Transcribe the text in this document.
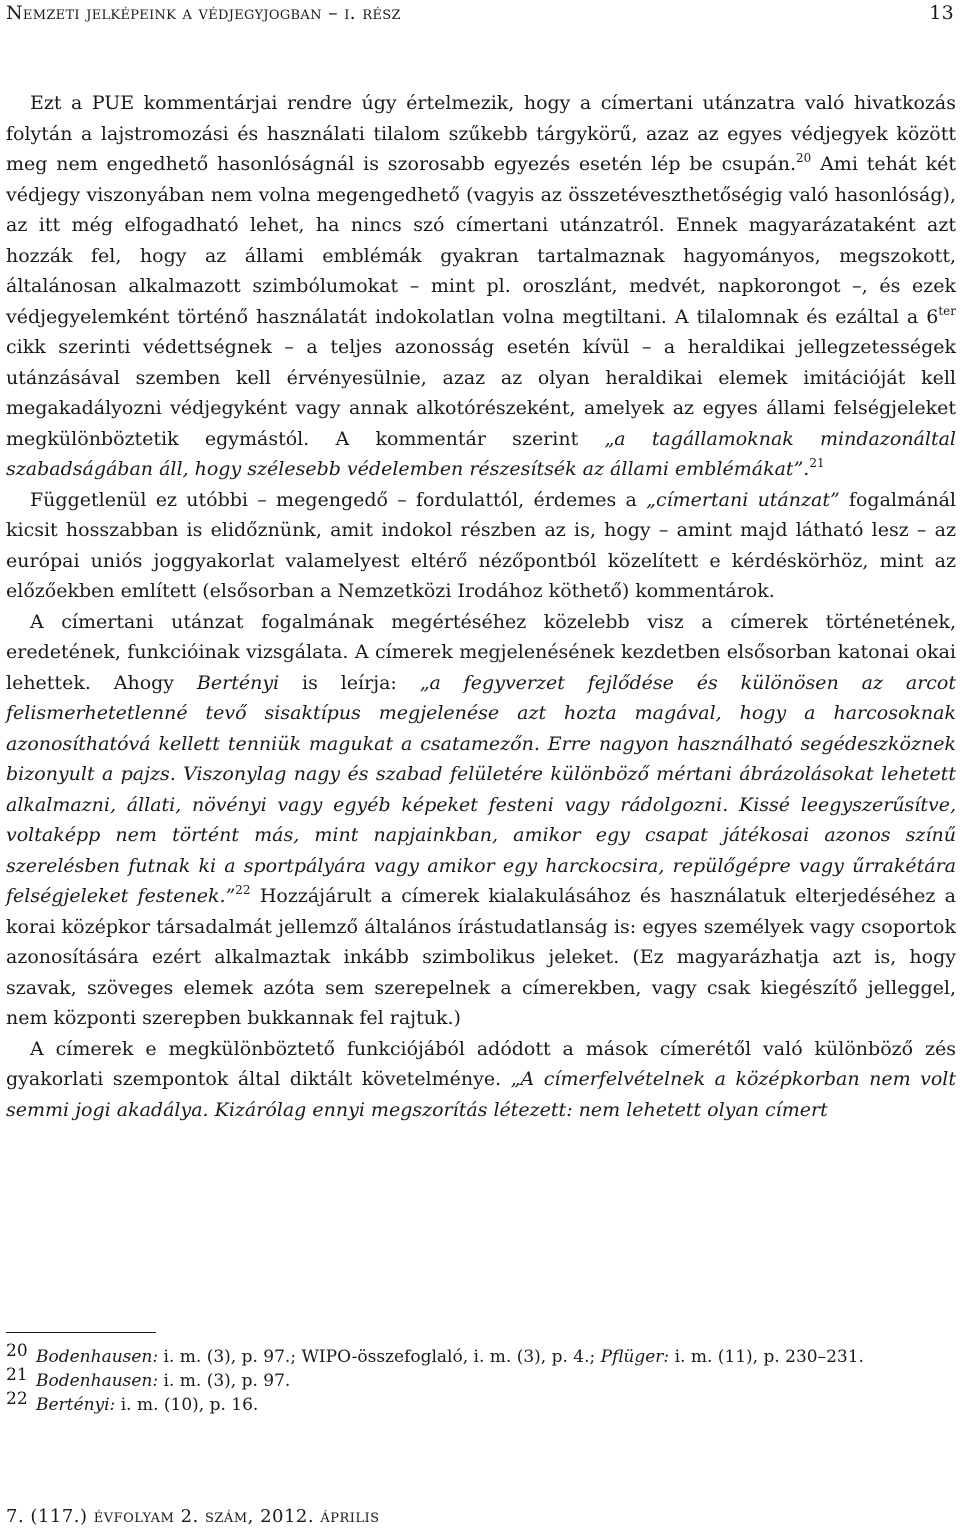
Nemzeti jelképeink a védjegyjogban – i. rész	13

Ezt a PUE kommentárjai rendre úgy értelmezik, hogy a címertani utánzatra való hivatkozás folytán a lajstromozási és használati tilalom szűkebb tárgykörű, azaz az egyes védjegyek között meg nem engedhető hasonlóságnál is szorosabb egyezés esetén lép be csupán.$^{20}$ Ami tehát két védjegy viszonyában nem volna megengedhető (vagyis az összetéveszthetőségig való hasonlóság), az itt még elfogadható lehet, ha nincs szó címertani utánzatról. Ennek magyarázataként azt hozzák fel, hogy az állami emblémák gyakran tartalmaznak hagyományos, megszokott, általánosan alkalmazott szimbólumokat – mint pl. oroszlánt, medvét, napkorongot –, és ezek védjegyelemként történő használatát indokolatlan volna megtiltani. A tilalomnak és ezáltal a $6^{ter}$ cikk szerinti védettségnek – a teljes azonosság esetén kívül – a heraldikai jellegzetességek utánzásával szemben kell érvényesülnie, azaz az olyan heraldikai elemek imitációját kell megakadályozni védjegyként vagy annak alkotórészeként, amelyek az egyes állami felségjeleket megkülönböztetik egymástól. A kommentár szerint „a tagállamoknak mindazonáltal szabadságában áll, hogy szélesebb védelemben részesítsék az állami emblémákat”.$^{21}$

Függetlenül ez utóbbi – megengedő – fordulattól, érdemes a „címertani utánzat” fogalmánál kicsit hosszabban is elidőznünk, amit indokol részben az is, hogy – amint majd látható lesz – az európai uniós joggyakorlat valamelyest eltérő nézőpontból közelített e kérdéskörhöz, mint az előzőekben említett (elsősorban a Nemzetközi Irodához köthető) kommentárok.

A címertani utánzat fogalmának megértéséhez közelebb visz a címerek történetének, eredetének, funkcióinak vizsgálata. A címerek megjelenésének kezdetben elsősorban katonai okai lehettek. Ahogy Bertényi is leírja: „a fegyverzet fejlődése és különösen az arcot felismerhetetlenné tevő sisaktípus megjelenése azt hozta magával, hogy a harcosoknak azonosíthatóvá kellett tenniük magukat a csatamezőn. Erre nagyon használható segédeszköznek bizonyult a pajzs. Viszonylag nagy és szabad felületére különböző mértani ábrázolásokat lehetett alkalmazni, állati, növényi vagy egyéb képeket festeni vagy rádolgozni. Kissé leegyszerűsítve, voltaképp nem történt más, mint napjainkban, amikor egy csapat játékosai azonos színű szerelésben futnak ki a sportpályára vagy amikor egy harckocsira, repülőgépre vagy űrrakétára felségjeleket festenek.”$^{22}$ Hozzájárult a címerek kialakulásához és használatuk elterjedéséhez a korai középkor társadalmát jellemző általános írástudatlanság is: egyes személyek vagy csoportok azonosítására ezért alkalmaztak inkább szimbolikus jeleket. (Ez magyarázhatja azt is, hogy szavak, szöveges elemek azóta sem szerepelnek a címerekben, vagy csak kiegészítő jelleggel, nem központi szerepben bukkannak fel rajtuk.)

A címerek e megkülönböztető funkciójából adódott a mások címerétől való különböző zés gyakorlati szempontok által diktált követelménye. „A címerfelvételnek a középkorban nem volt semmi jogi akadálya. Kizárólag ennyi megszorítás létezett: nem lehetett olyan címert

20 Bodenhausen: i. m. (3), p. 97.; WIPO-összefoglaló, i. m. (3), p. 4.; Pflüger: i. m. (11), p. 230–231.
21 Bodenhausen: i. m. (3), p. 97.
22 Bertényi: i. m. (10), p. 16.
7. (117.) évfolyam 2. szám, 2012. április
